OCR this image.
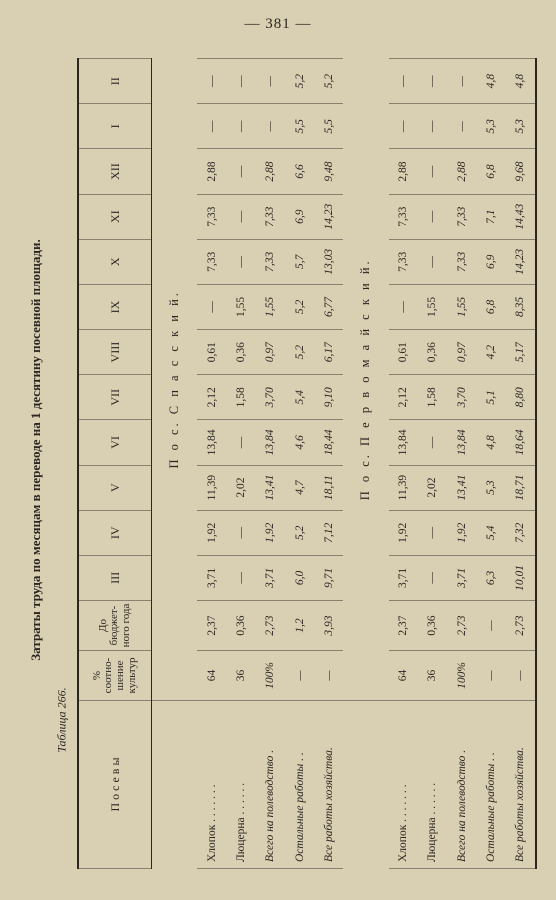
— 381 —
Затраты труда по месяцам в переводе на 1 десятину посевной площади.
Таблица 266.
П о с е в ы	% соотно-шение культур	До бюджет-ного года	III	IV	V	VI	VII	VIII	IX	X	XI	XII	I	II
	П о с. С п а с с к и й.													
Хлопок . . . . . . .	64	2,37	3,71	1,92	11,39	13,84	2,12	0,61	—	7,33	7,33	2,88	—	—
Люцерна . . . . . .	36	0,36	—	—	2,02	—	1,58	0,36	1,55	—	—	—	—	—
Всего на полеводство .	100%	2,73	3,71	1,92	13,41	13,84	3,70	0,97	1,55	7,33	7,33	2,88	—	—
Остальные работы . .	—	1,2	6,0	5,2	4,7	4,6	5,4	5,2	5,2	5,7	6,9	6,6	5,5	5,2
Все работы хозяйства.	—	3,93	9,71	7,12	18,11	18,44	9,10	6,17	6,77	13,03	14,23	9,48	5,5	5,2
	П о с. П е р в о м а й с к и й.													
Хлопок . . . . . . .	64	2,37	3,71	1,92	11,39	13,84	2,12	0,61	—	7,33	7,33	2,88	—	—
Люцерна . . . . . .	36	0,36	—	—	2,02	—	1,58	0,36	1,55	—	—	—	—	—
Всего на полеводство .	100%	2,73	3,71	1,92	13,41	13,84	3,70	0,97	1,55	7,33	7,33	2,88	—	—
Остальные работы . .	—	—	6,3	5,4	5,3	4,8	5,1	4,2	6,8	6,9	7,1	6,8	5,3	4,8
Все работы хозяйства.	—	2,73	10,01	7,32	18,71	18,64	8,80	5,17	8,35	14,23	14,43	9,68	5,3	4,8
